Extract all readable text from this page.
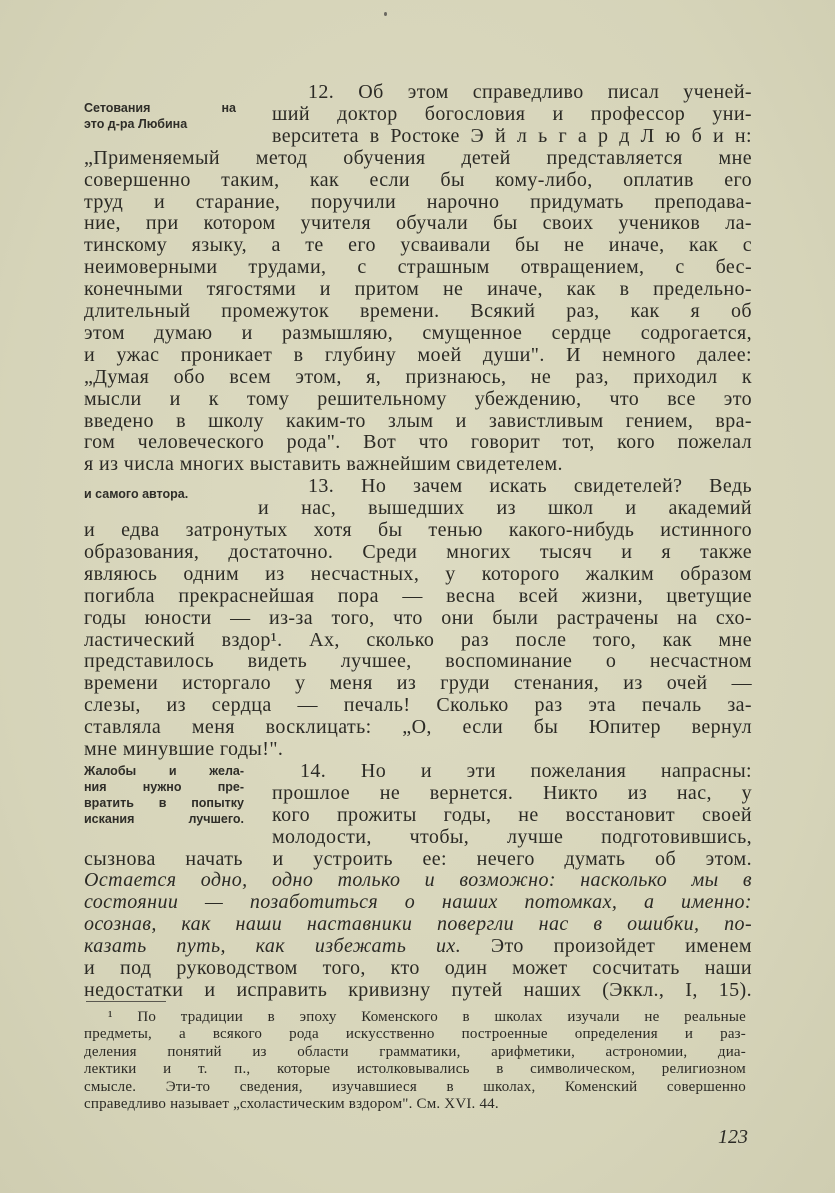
12. Об этом справедливо писал ученей-
ший доктор богословия и профессор уни-
верситета в Ростоке Э й л ь г а р д Л ю б и н:
„Применяемый метод обучения детей представляется мне
совершенно таким, как если бы кому-либо, оплатив его
труд и старание, поручили нарочно придумать преподава-
ние, при котором учителя обучали бы своих учеников ла-
тинскому языку, а те его усваивали бы не иначе, как с
неимоверными трудами, с страшным отвращением, с бес-
конечными тягостями и притом не иначе, как в предельно-
длительный промежуток времени. Всякий раз, как я об
этом думаю и размышляю, смущенное сердце содрогается,
и ужас проникает в глубину моей души". И немного далее:
„Думая обо всем этом, я, признаюсь, не раз, приходил к
мысли и к тому решительному убеждению, что все это
введено в школу каким-то злым и завистливым гением, вра-
гом человеческого рода". Вот что говорит тот, кого пожелал
я из числа многих выставить важнейшим свидетелем.
13. Но зачем искать свидетелей? Ведь
и нас, вышедших из школ и академий
и едва затронутых хотя бы тенью какого-нибудь истинного
образования, достаточно. Среди многих тысяч и я также
являюсь одним из несчастных, у которого жалким образом
погибла прекраснейшая пора — весна всей жизни, цветущие
годы юности — из-за того, что они были растрачены на схо-
ластический вздор¹. Ах, сколько раз после того, как мне
представилось видеть лучшее, воспоминание о несчастном
времени исторгало у меня из груди стенания, из очей —
слезы, из сердца — печаль! Сколько раз эта печаль за-
ставляла меня восклицать: „О, если бы Юпитер вернул
мне минувшие годы!".
14. Но и эти пожелания напрасны:
прошлое не вернется. Никто из нас, у
кого прожиты годы, не восстановит своей
молодости, чтобы, лучше подготовившись,
сызнова начать и устроить ее: нечего думать об этом.
Остается одно, одно только и возможно: насколько мы в
состоянии — позаботиться о наших потомках, а именно:
осознав, как наши наставники повергли нас в ошибки, по-
казать путь, как избежать их. Это произойдет именем
и под руководством того, кто один может сосчитать наши
недостатки и исправить кривизну путей наших (Эккл., I, 15).
Сетования на
это д-ра Любина
и самого автора.
Жалобы и жела-
ния нужно пре-
вратить в попытку
искания лучшего.
¹ По традиции в эпоху Коменского в школах изучали не реальные
предметы, а всякого рода искусственно построенные определения и раз-
деления понятий из области грамматики, арифметики, астрономии, диа-
лектики и т. п., которые истолковывались в символическом, религиозном
смысле. Эти-то сведения, изучавшиеся в школах, Коменский совершенно
справедливо называет „схоластическим вздором". См. XVI. 44.
123
